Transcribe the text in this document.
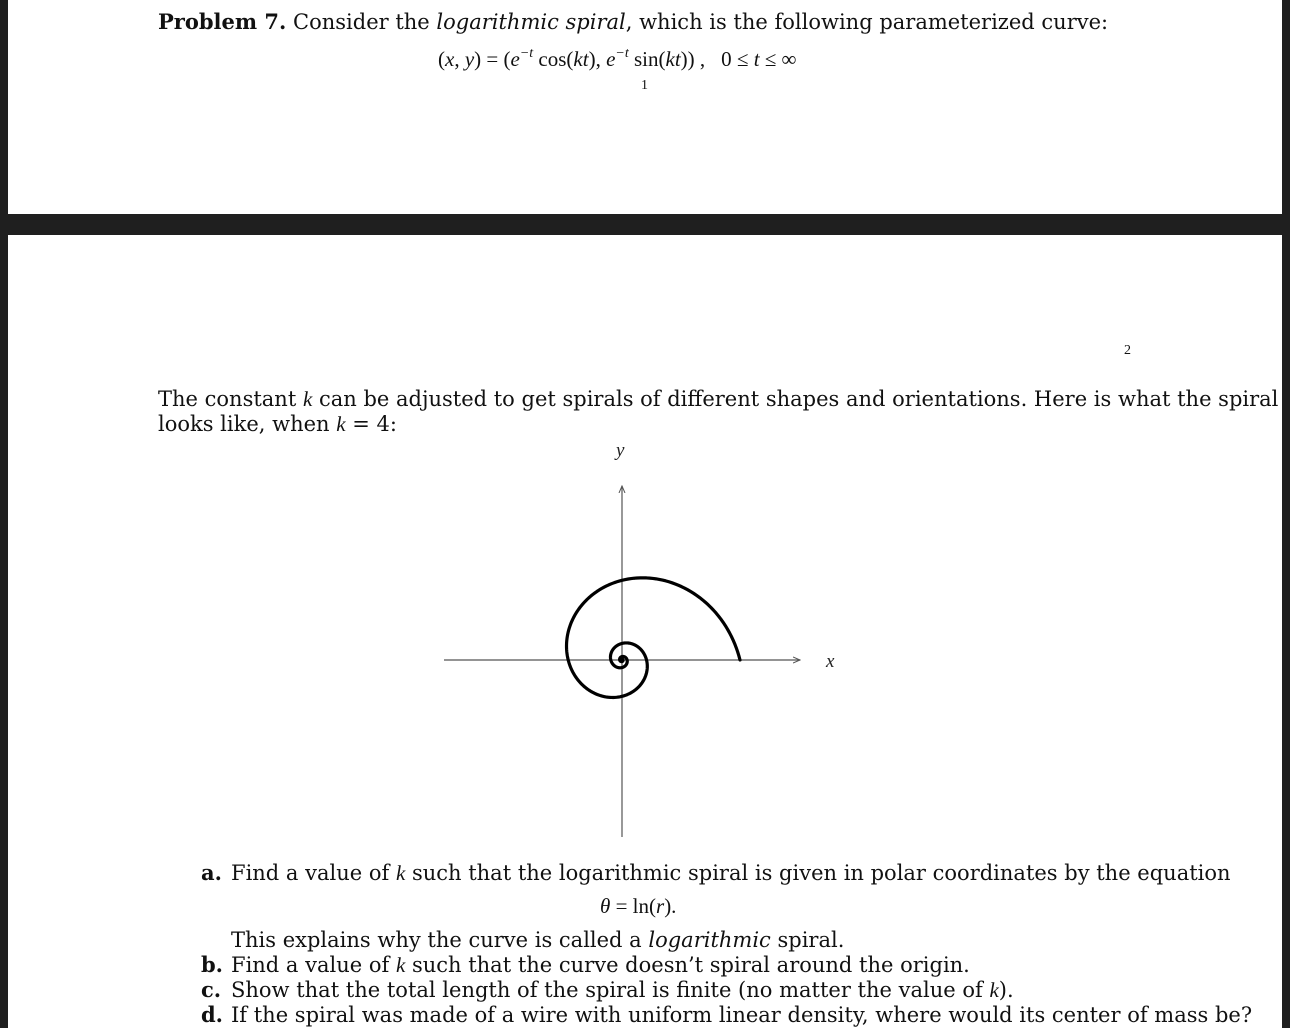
Problem 7. Consider the logarithmic spiral, which is the following parameterized curve:
(x, $y) = (e^{-t}$ cos(kt), $e^{-t}$ sin(kt)) , 0 ≤ t ≤ ∞
1
2
The constant k can be adjusted to get spirals of different shapes and orientations. Here is what the spiral
looks like, when k = 4:
x
y
a. Find a value of k such that the logarithmic spiral is given in polar coordinates by the equation
θ = ln(r).
This explains why the curve is called a logarithmic spiral.
b. Find a value of k such that the curve doesn’t spiral around the origin.
c. Show that the total length of the spiral is finite (no matter the value of k).
d. If the spiral was made of a wire with uniform linear density, where would its center of mass be?
